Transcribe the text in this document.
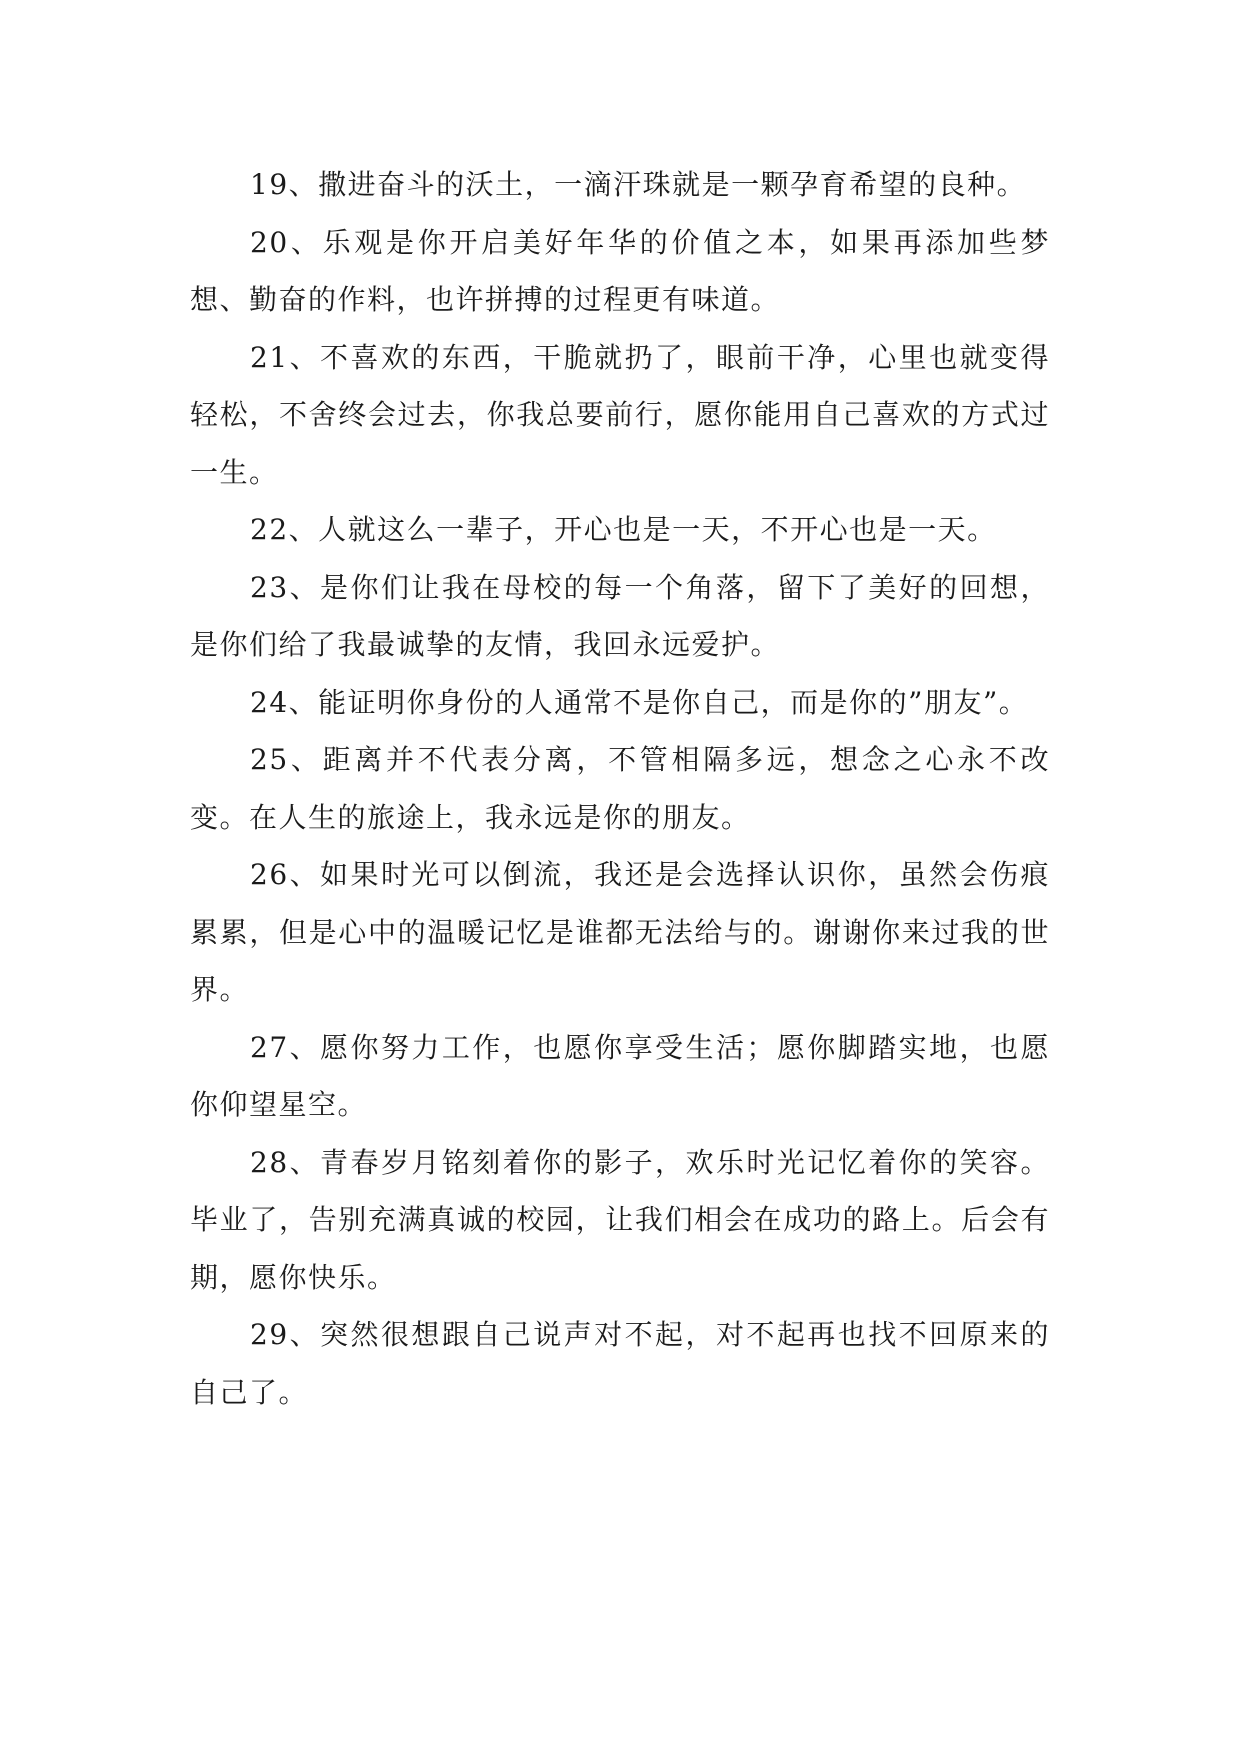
19、撒进奋斗的沃土，一滴汗珠就是一颗孕育希望的良种。

20、乐观是你开启美好年华的价值之本，如果再添加些梦想、勤奋的作料，也许拼搏的过程更有味道。

21、不喜欢的东西，干脆就扔了，眼前干净，心里也就变得轻松，不舍终会过去，你我总要前行，愿你能用自己喜欢的方式过一生。

22、人就这么一辈子，开心也是一天，不开心也是一天。

23、是你们让我在母校的每一个角落，留下了美好的回想，是你们给了我最诚挚的友情，我回永远爱护。

24、能证明你身份的人通常不是你自己，而是你的”朋友”。

25、距离并不代表分离，不管相隔多远，想念之心永不改变。在人生的旅途上，我永远是你的朋友。

26、如果时光可以倒流，我还是会选择认识你，虽然会伤痕累累，但是心中的温暖记忆是谁都无法给与的。谢谢你来过我的世界。

27、愿你努力工作，也愿你享受生活；愿你脚踏实地，也愿你仰望星空。

28、青春岁月铭刻着你的影子，欢乐时光记忆着你的笑容。毕业了，告别充满真诚的校园，让我们相会在成功的路上。后会有期，愿你快乐。

29、突然很想跟自己说声对不起，对不起再也找不回原来的自己了。
